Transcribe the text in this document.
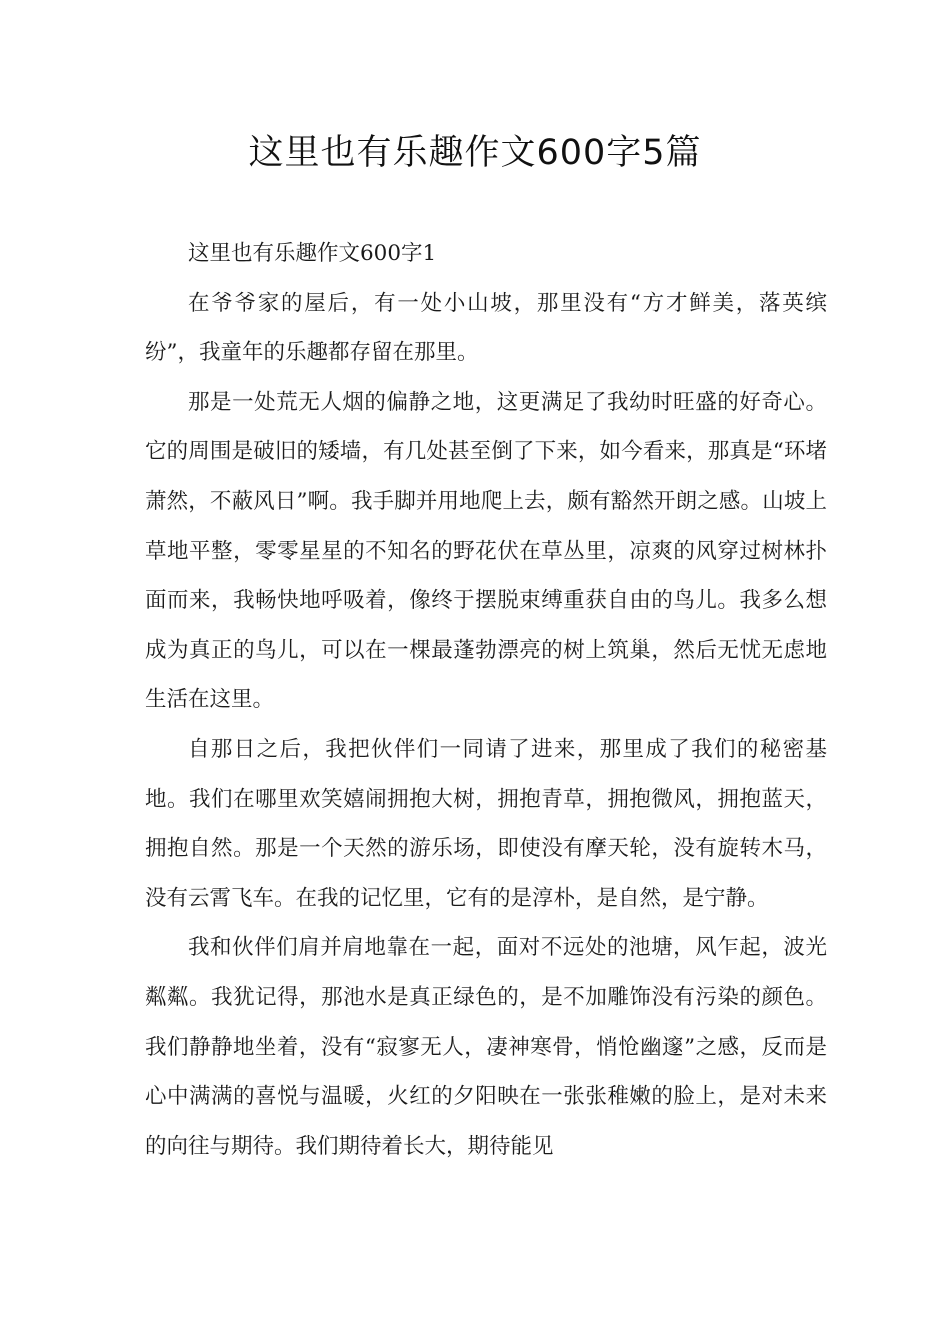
这里也有乐趣作文600字5篇

这里也有乐趣作文600字1

在爷爷家的屋后，有一处小山坡，那里没有“方才鲜美，落英缤纷”，我童年的乐趣都存留在那里。

那是一处荒无人烟的偏静之地，这更满足了我幼时旺盛的好奇心。它的周围是破旧的矮墙，有几处甚至倒了下来，如今看来，那真是“环堵萧然，不蔽风日”啊。我手脚并用地爬上去，颇有豁然开朗之感。山坡上草地平整，零零星星的不知名的野花伏在草丛里，凉爽的风穿过树林扑面而来，我畅快地呼吸着，像终于摆脱束缚重获自由的鸟儿。我多么想成为真正的鸟儿，可以在一棵最蓬勃漂亮的树上筑巢，然后无忧无虑地生活在这里。

自那日之后，我把伙伴们一同请了进来，那里成了我们的秘密基地。我们在哪里欢笑嬉闹拥抱大树，拥抱青草，拥抱微风，拥抱蓝天，拥抱自然。那是一个天然的游乐场，即使没有摩天轮，没有旋转木马，没有云霄飞车。在我的记忆里，它有的是淳朴，是自然，是宁静。

我和伙伴们肩并肩地靠在一起，面对不远处的池塘，风乍起，波光粼粼。我犹记得，那池水是真正绿色的，是不加雕饰没有污染的颜色。我们静静地坐着，没有“寂寥无人，凄神寒骨，悄怆幽邃”之感，反而是心中满满的喜悦与温暖，火红的夕阳映在一张张稚嫩的脸上，是对未来的向往与期待。我们期待着长大，期待能见
